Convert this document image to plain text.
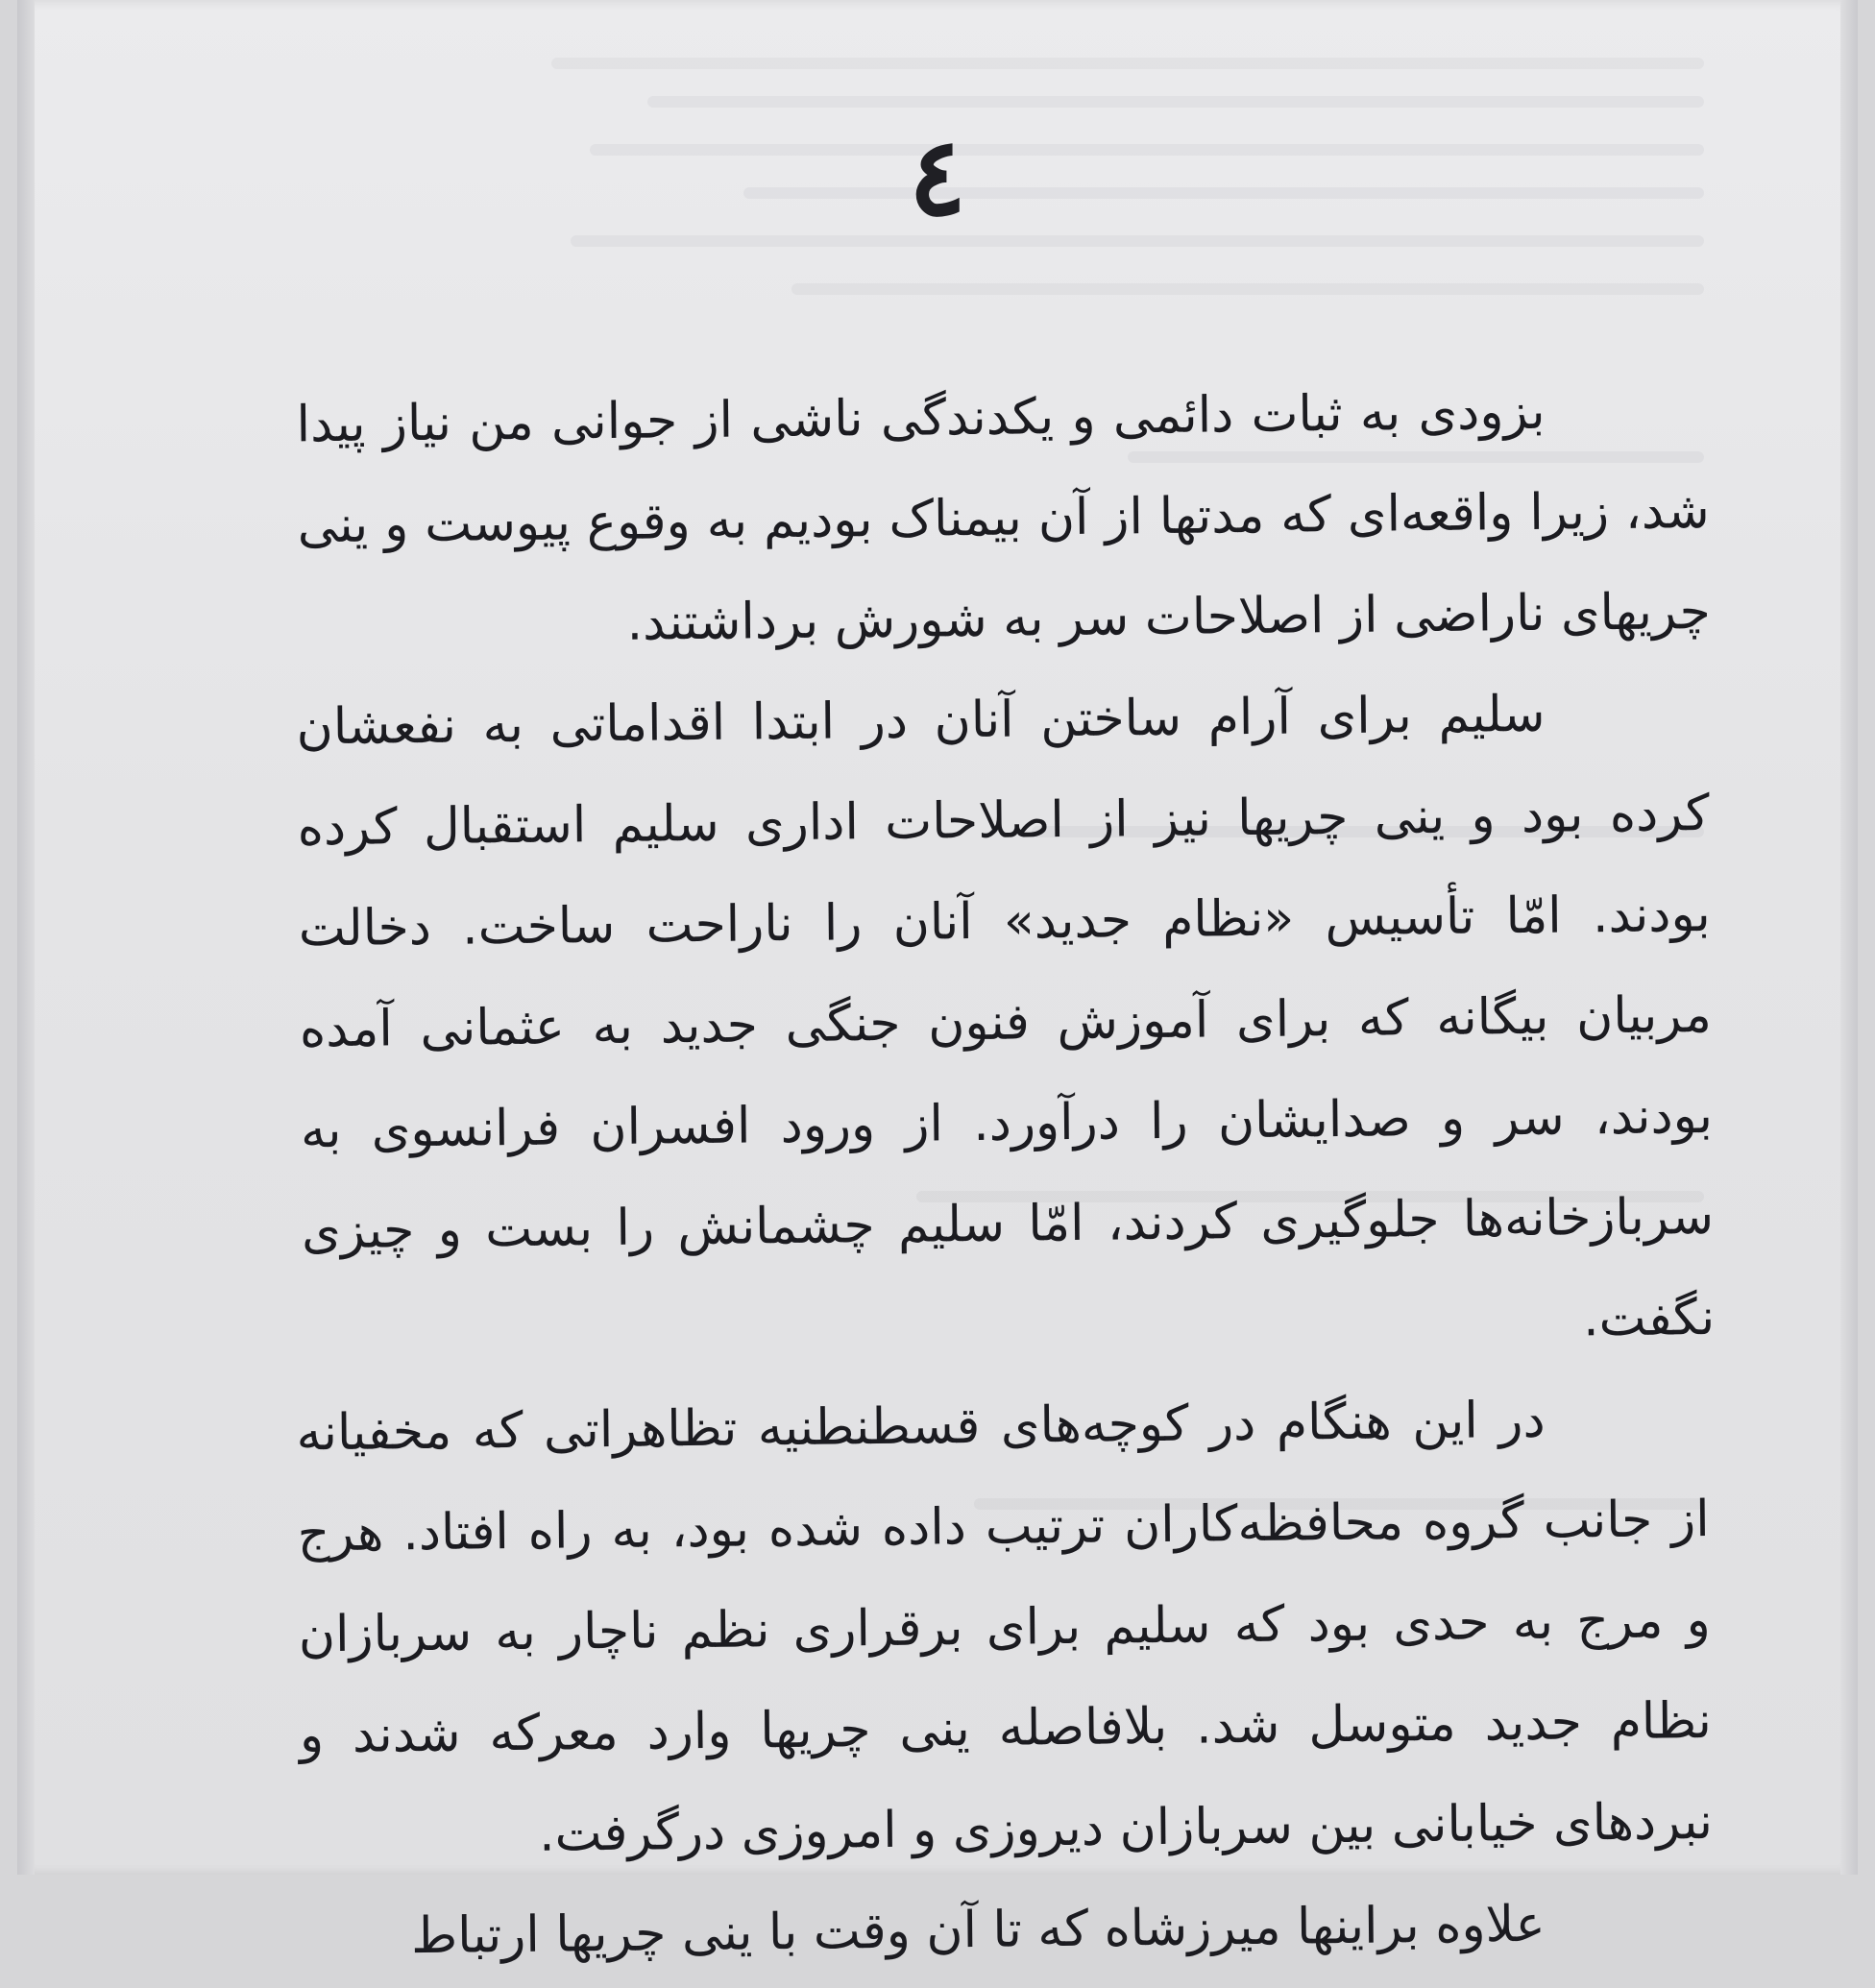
٤

بزودی به ثبات دائمی و یکدندگی ناشی از جوانی من نیاز پیدا شد، زیرا واقعه‌ای که مدتها از آن بیمناک بودیم به وقوع پیوست و ینی چریهای ناراضی از اصلاحات سر به شورش برداشتند.

سلیم برای آرام ساختن آنان در ابتدا اقداماتی به نفعشان کرده بود و ینی چریها نیز از اصلاحات اداری سلیم استقبال کرده بودند. امّا تأسیس «نظام جدید» آنان را ناراحت ساخت. دخالت مربیان بیگانه که برای آموزش فنون جنگی جدید به عثمانی آمده بودند، سر و صدایشان را درآورد. از ورود افسران فرانسوی به سربازخانه‌ها جلوگیری کردند، امّا سلیم چشمانش را بست و چیزی نگفت.

در این هنگام در کوچه‌های قسطنطنیه تظاهراتی که مخفیانه از جانب گروه محافظه‌کاران ترتیب داده شده بود، به راه افتاد. هرج و مرج به حدی بود که سلیم برای برقراری نظم ناچار به سربازان نظام جدید متوسل شد. بلافاصله ینی چریها وارد معرکه شدند و نبردهای خیابانی بین سربازان دیروزی و امروزی درگرفت.

علاوه براینها میرزشاه که تا آن وقت با ینی چریها ارتباط
